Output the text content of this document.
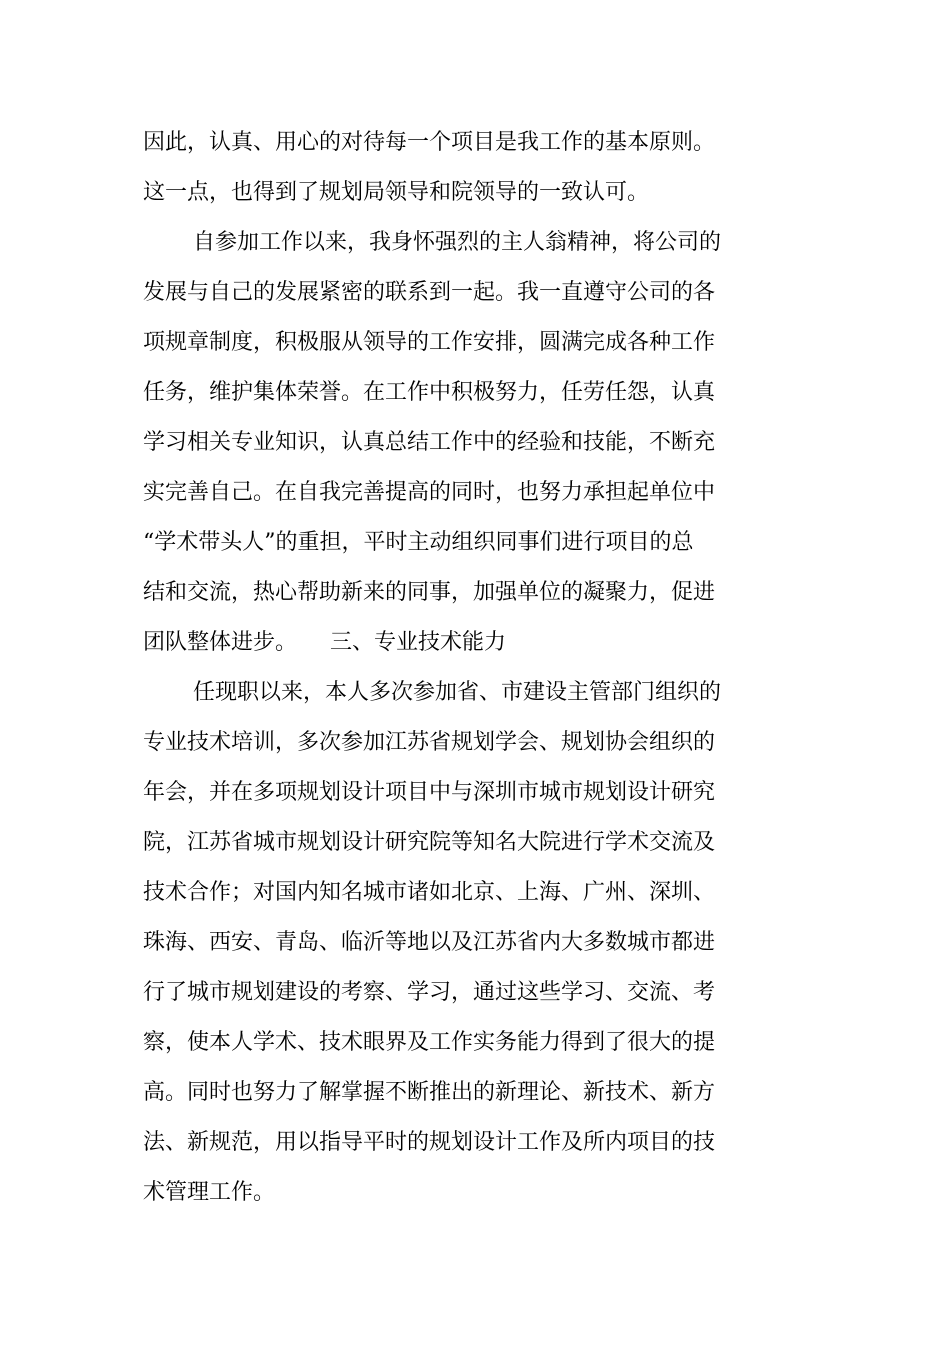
因此，认真、用心的对待每一个项目是我工作的基本原则。

这一点，也得到了规划局领导和院领导的一致认可。

自参加工作以来，我身怀强烈的主人翁精神，将公司的

发展与自己的发展紧密的联系到一起。我一直遵守公司的各

项规章制度，积极服从领导的工作安排，圆满完成各种工作

任务，维护集体荣誉。在工作中积极努力，任劳任怨，认真

学习相关专业知识，认真总结工作中的经验和技能，不断充

实完善自己。在自我完善提高的同时，也努力承担起单位中

“学术带头人”的重担，平时主动组织同事们进行项目的总

结和交流，热心帮助新来的同事，加强单位的凝聚力，促进

团队整体进步。　　三、专业技术能力

任现职以来，本人多次参加省、市建设主管部门组织的

专业技术培训，多次参加江苏省规划学会、规划协会组织的

年会，并在多项规划设计项目中与深圳市城市规划设计研究

院，江苏省城市规划设计研究院等知名大院进行学术交流及

技术合作；对国内知名城市诸如北京、上海、广州、深圳、

珠海、西安、青岛、临沂等地以及江苏省内大多数城市都进

行了城市规划建设的考察、学习，通过这些学习、交流、考

察，使本人学术、技术眼界及工作实务能力得到了很大的提

高。同时也努力了解掌握不断推出的新理论、新技术、新方

法、新规范，用以指导平时的规划设计工作及所内项目的技

术管理工作。
